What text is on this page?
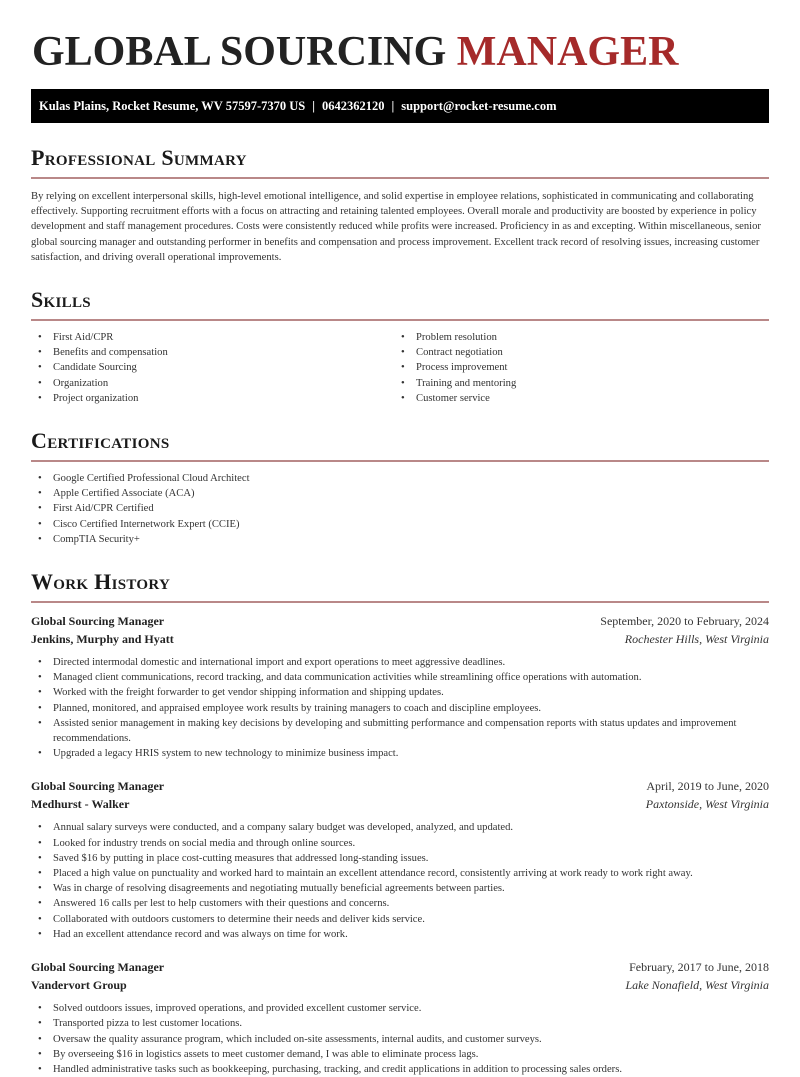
GLOBAL SOURCING MANAGER
Kulas Plains, Rocket Resume, WV 57597-7370 US | 0642362120 | support@rocket-resume.com
Professional Summary
By relying on excellent interpersonal skills, high-level emotional intelligence, and solid expertise in employee relations, sophisticated in communicating and collaborating effectively. Supporting recruitment efforts with a focus on attracting and retaining talented employees. Overall morale and productivity are boosted by experience in policy development and staff management procedures. Costs were consistently reduced while profits were increased. Proficiency in as and excepting. Within miscellaneous, senior global sourcing manager and outstanding performer in benefits and compensation and process improvement. Excellent track record of resolving issues, increasing customer satisfaction, and driving overall operational improvements.
Skills
• First Aid/CPR
• Benefits and compensation
• Candidate Sourcing
• Organization
• Project organization
• Problem resolution
• Contract negotiation
• Process improvement
• Training and mentoring
• Customer service
Certifications
• Google Certified Professional Cloud Architect
• Apple Certified Associate (ACA)
• First Aid/CPR Certified
• Cisco Certified Internetwork Expert (CCIE)
• CompTIA Security+
Work History
Global Sourcing Manager	September, 2020 to February, 2024
Jenkins, Murphy and Hyatt	Rochester Hills, West Virginia
• Directed intermodal domestic and international import and export operations to meet aggressive deadlines.
• Managed client communications, record tracking, and data communication activities while streamlining office operations with automation.
• Worked with the freight forwarder to get vendor shipping information and shipping updates.
• Planned, monitored, and appraised employee work results by training managers to coach and discipline employees.
• Assisted senior management in making key decisions by developing and submitting performance and compensation reports with status updates and improvement recommendations.
• Upgraded a legacy HRIS system to new technology to minimize business impact.
Global Sourcing Manager	April, 2019 to June, 2020
Medhurst - Walker	Paxtonside, West Virginia
• Annual salary surveys were conducted, and a company salary budget was developed, analyzed, and updated.
• Looked for industry trends on social media and through online sources.
• Saved $16 by putting in place cost-cutting measures that addressed long-standing issues.
• Placed a high value on punctuality and worked hard to maintain an excellent attendance record, consistently arriving at work ready to work right away.
• Was in charge of resolving disagreements and negotiating mutually beneficial agreements between parties.
• Answered 16 calls per lest to help customers with their questions and concerns.
• Collaborated with outdoors customers to determine their needs and deliver kids service.
• Had an excellent attendance record and was always on time for work.
Global Sourcing Manager	February, 2017 to June, 2018
Vandervort Group	Lake Nonafield, West Virginia
• Solved outdoors issues, improved operations, and provided excellent customer service.
• Transported pizza to lest customer locations.
• Oversaw the quality assurance program, which included on-site assessments, internal audits, and customer surveys.
• By overseeing $16 in logistics assets to meet customer demand, I was able to eliminate process lags.
• Handled administrative tasks such as bookkeeping, purchasing, tracking, and credit applications in addition to processing sales orders.
